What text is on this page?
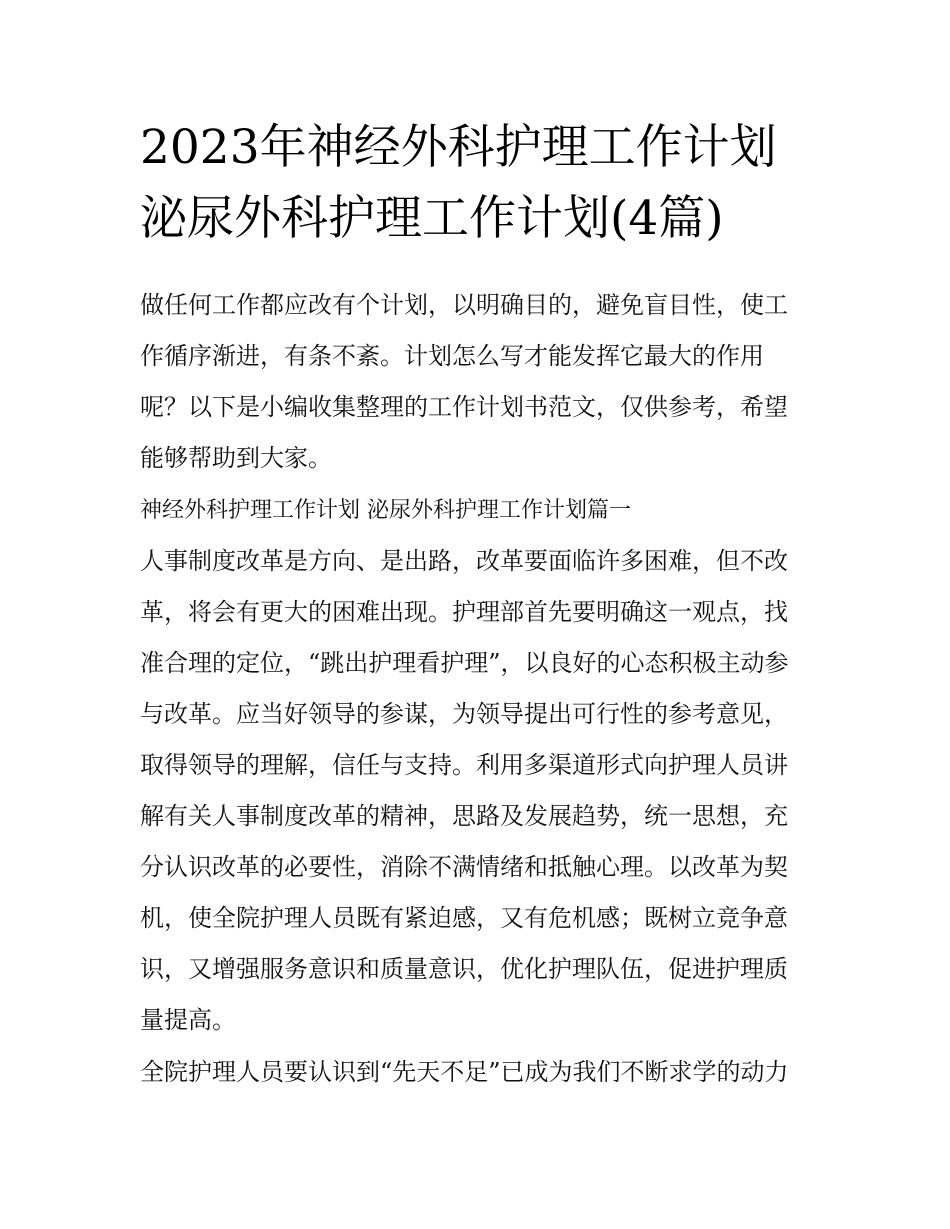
2023年神经外科护理工作计划
泌尿外科护理工作计划(4篇)

做任何工作都应改有个计划，以明确目的，避免盲目性，使工
作循序渐进，有条不紊。计划怎么写才能发挥它最大的作用
呢？以下是小编收集整理的工作计划书范文，仅供参考，希望
能够帮助到大家。

神经外科护理工作计划 泌尿外科护理工作计划篇一

人事制度改革是方向、是出路，改革要面临许多困难，但不改
革，将会有更大的困难出现。护理部首先要明确这一观点，找
准合理的定位，“跳出护理看护理”，以良好的心态积极主动参
与改革。应当好领导的参谋，为领导提出可行性的参考意见，
取得领导的理解，信任与支持。利用多渠道形式向护理人员讲
解有关人事制度改革的精神，思路及发展趋势，统一思想，充
分认识改革的必要性，消除不满情绪和抵触心理。以改革为契
机，使全院护理人员既有紧迫感，又有危机感；既树立竞争意
识，又增强服务意识和质量意识，优化护理队伍，促进护理质
量提高。

全院护理人员要认识到“先天不足”已成为我们不断求学的动力
